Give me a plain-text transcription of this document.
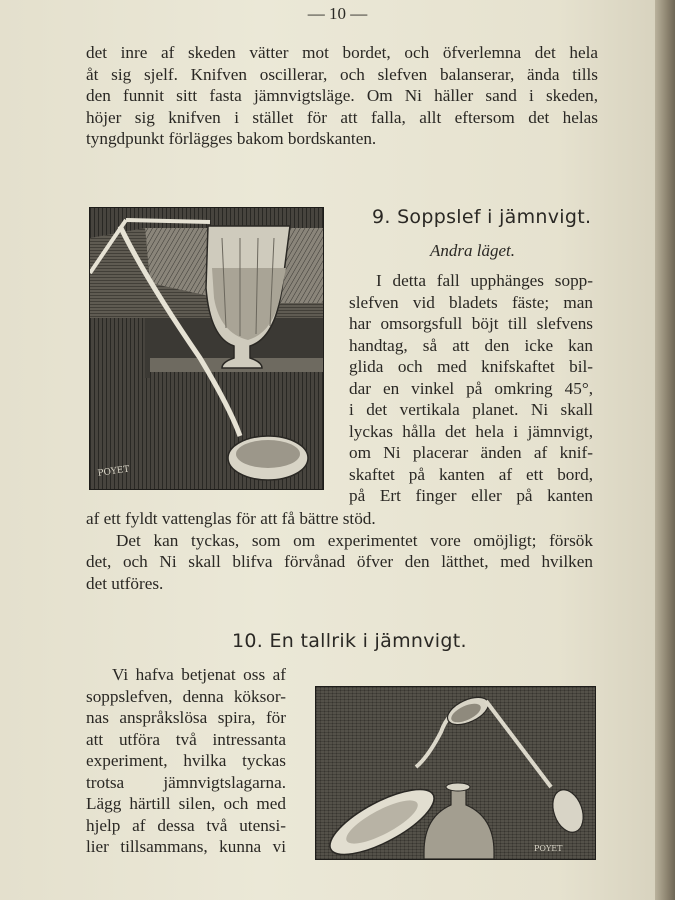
— 10 —
det inre af skeden vätter mot bordet, och öfverlemna det hela
åt sig sjelf. Knifven oscillerar, och slefven balanserar, ända tills
den funnit sitt fasta jämnvigtsläge. Om Ni häller sand i skeden,
höjer sig knifven i stället för att falla, allt eftersom det helas
tyngdpunkt förlägges bakom bordskanten.
POYET
9. Soppslef i jämnvigt.
Andra läget.
I detta fall upphänges sopp-
slefven vid bladets fäste; man
har omsorgsfull böjt till slefvens
handtag, så att den icke kan
glida och med knifskaftet bil-
dar en vinkel på omkring 45°,
i det vertikala planet. Ni skall
lyckas hålla det hela i jämnvigt,
om Ni placerar änden af knif-
skaftet på kanten af ett bord,
på Ert finger eller på kanten
af ett fyldt vattenglas för att få bättre stöd.
Det kan tyckas, som om experimentet vore omöjligt; försök
det, och Ni skall blifva förvånad öfver den lätthet, med hvilken
det utföres.
10. En tallrik i jämnvigt.
Vi hafva betjenat oss af
soppslefven, denna köksor-
nas anspråkslösa spira, för
att utföra två intressanta
experiment, hvilka tyckas
trotsa jämnvigtslagarna.
Lägg härtill silen, och med
hjelp af dessa två utensi-
lier tillsammans, kunna vi	POYET
